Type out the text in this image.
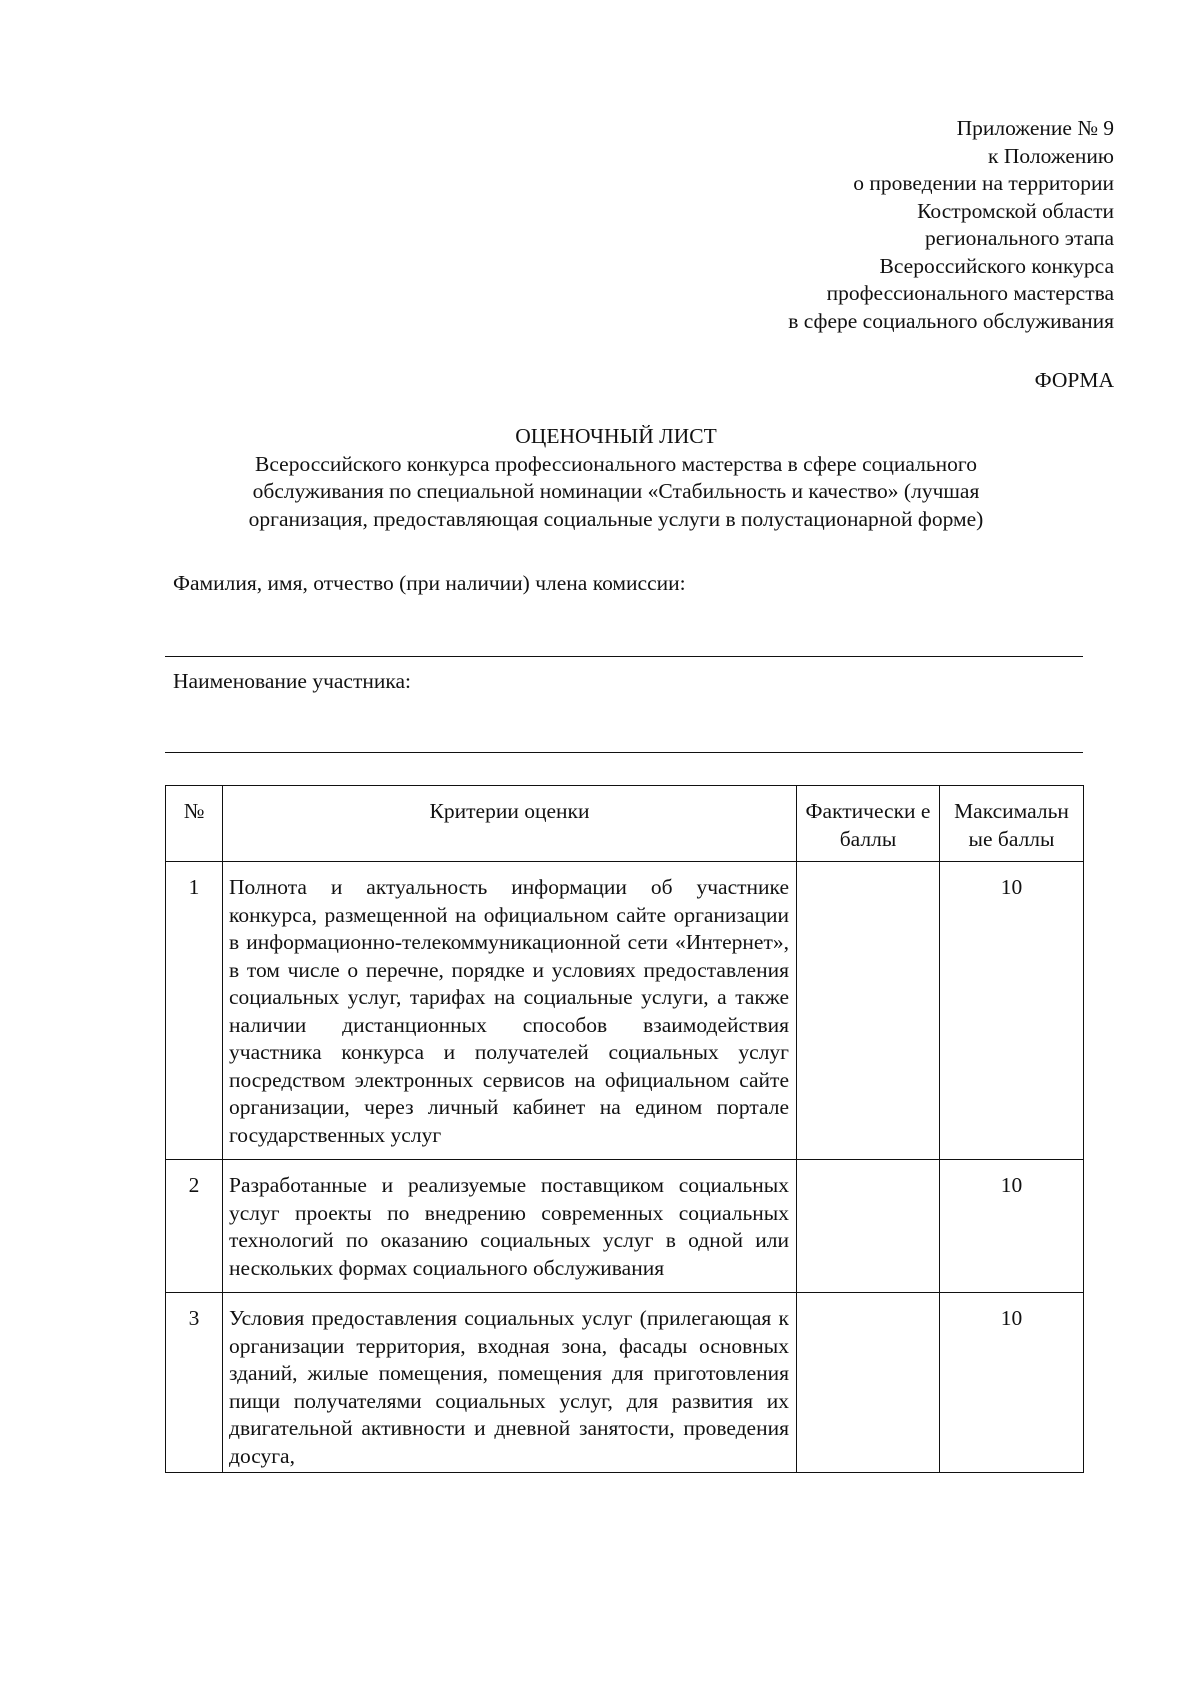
Приложение № 9
к Положению
о проведении на территории
Костромской области
регионального этапа
Всероссийского конкурса
профессионального мастерства
в сфере социального обслуживания
ФОРМА
ОЦЕНОЧНЫЙ ЛИСТ
Всероссийского конкурса профессионального мастерства в сфере социального
обслуживания по специальной номинации «Стабильность и качество» (лучшая
организация, предоставляющая социальные услуги в полустационарной форме)
Фамилия, имя, отчество (при наличии) члена комиссии:
Наименование участника:
№	Критерии оценки	Фактически е баллы	Максимальн ые баллы
1	Полнота и актуальность информации об участнике конкурса, размещенной на официальном сайте организации в информационно-телекоммуникационной сети «Интернет», в том числе о перечне, порядке и условиях предоставления социальных услуг, тарифах на социальные услуги, а также наличии дистанционных способов взаимодействия участника конкурса и получателей социальных услуг посредством электронных сервисов на официальном сайте организации, через личный кабинет на едином портале государственных услуг		10
2	Разработанные и реализуемые поставщиком социальных услуг проекты по внедрению современных социальных технологий по оказанию социальных услуг в одной или нескольких формах социального обслуживания		10
3	Условия предоставления социальных услуг (прилегающая к организации территория, входная зона, фасады основных зданий, жилые помещения, помещения для приготовления пищи получателями социальных услуг, для развития их двигательной активности и дневной занятости, проведения досуга,		10
